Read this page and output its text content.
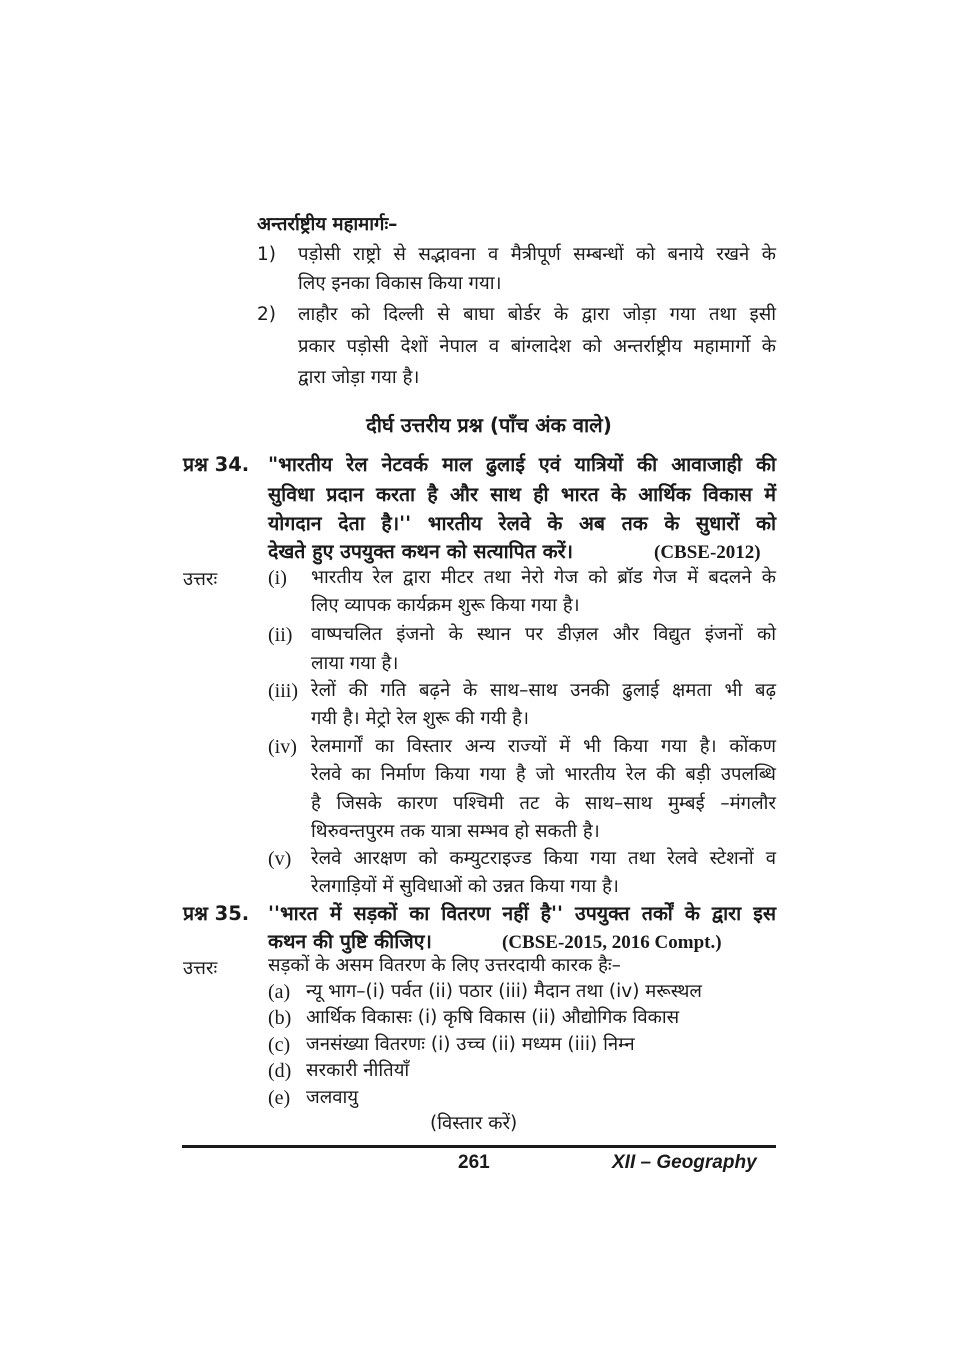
अन्तर्राष्ट्रीय महामार्गः–
1) पड़ोसी राष्ट्रो से सद्भावना व मैत्रीपूर्ण सम्बन्धों को बनाये रखने के
लिए इनका विकास किया गया।
2) लाहौर को दिल्ली से बाघा बोर्डर के द्वारा जोड़ा गया तथा इसी
प्रकार पड़ोसी देशों नेपाल व बांग्लादेश को अन्तर्राष्ट्रीय महामार्गो के
द्वारा जोड़ा गया है।
दीर्घ उत्तरीय प्रश्न (पाँच अंक वाले)
प्रश्न 34. "भारतीय रेल नेटवर्क माल ढुलाई एवं यात्रियों की आवाजाही की
सुविधा प्रदान करता है और साथ ही भारत के आर्थिक विकास में
योगदान देता है।'' भारतीय रेलवे के अब तक के सुधारों को
देखते हुए उपयुक्त कथन को सत्यापित करें।	(CBSE-2012)
उत्तरः	(i) भारतीय रेल द्वारा मीटर तथा नेरो गेज को ब्रॉड गेज में बदलने के
लिए व्यापक कार्यक्रम शुरू किया गया है।
(ii) वाष्पचलित इंजनो के स्थान पर डीज़ल और विद्युत इंजनों को
लाया गया है।
(iii) रेलों की गति बढ़ने के साथ–साथ उनकी ढुलाई क्षमता भी बढ़
गयी है। मेट्रो रेल शुरू की गयी है।
(iv) रेलमार्गों का विस्तार अन्य राज्यों में भी किया गया है। कोंकण
रेलवे का निर्माण किया गया है जो भारतीय रेल की बड़ी उपलब्धि
है जिसके कारण पश्चिमी तट के साथ–साथ मुम्बई –मंगलौर
थिरुवन्तपुरम तक यात्रा सम्भव हो सकती है।
(v) रेलवे आरक्षण को कम्युटराइज्ड किया गया तथा रेलवे स्टेशनों व
रेलगाड़ियों में सुविधाओं को उन्नत किया गया है।
प्रश्न 35. ''भारत में सड़कों का वितरण नहीं है'' उपयुक्त तर्कों के द्वारा इस
कथन की पुष्टि कीजिए।	(CBSE-2015, 2016 Compt.)
उत्तरः	सड़कों के असम वितरण के लिए उत्तरदायी कारक हैः–
(a) न्यू भाग–(i) पर्वत (ii) पठार (iii) मैदान तथा (iv) मरूस्थल
(b) आर्थिक विकासः (i) कृषि विकास (ii) औद्योगिक विकास
(c) जनसंख्या वितरणः (i) उच्च (ii) मध्यम (iii) निम्न
(d) सरकारी नीतियाँ
(e) जलवायु
(विस्तार करें)
261	XII – Geography
